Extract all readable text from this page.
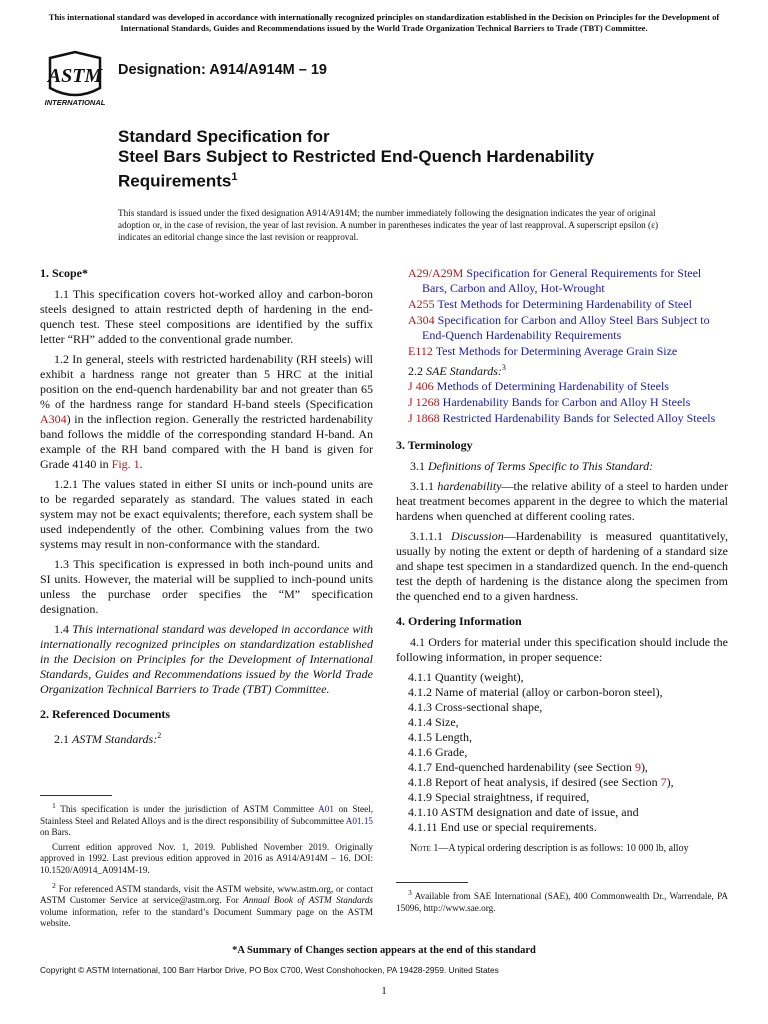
This international standard was developed in accordance with internationally recognized principles on standardization established in the Decision on Principles for the Development of International Standards, Guides and Recommendations issued by the World Trade Organization Technical Barriers to Trade (TBT) Committee.
ASTM
INTERNATIONAL
Designation: A914/A914M – 19
Standard Specification for
Steel Bars Subject to Restricted End-Quench Hardenability
Requirements$^1$
This standard is issued under the fixed designation A914/A914M; the number immediately following the designation indicates the year of original adoption or, in the case of revision, the year of last revision. A number in parentheses indicates the year of last reapproval. A superscript epsilon (ε) indicates an editorial change since the last revision or reapproval.
1. Scope*

1.1 This specification covers hot-worked alloy and carbon-boron steels designed to attain restricted depth of hardening in the end-quench test. These steel compositions are identified by the suffix letter “RH” added to the conventional grade number.

1.2 In general, steels with restricted hardenability (RH steels) will exhibit a hardness range not greater than 5 HRC at the initial position on the end-quench hardenability bar and not greater than 65 % of the hardness range for standard H-band steels (Specification A304) in the inflection region. Generally the restricted hardenability band follows the middle of the corresponding standard H-band. An example of the RH band compared with the H band is given for Grade 4140 in Fig. 1.

1.2.1 The values stated in either SI units or inch-pound units are to be regarded separately as standard. The values stated in each system may not be exact equivalents; therefore, each system shall be used independently of the other. Combining values from the two systems may result in non-conformance with the standard.

1.3 This specification is expressed in both inch-pound units and SI units. However, the material will be supplied to inch-pound units unless the purchase order specifies the “M” specification designation.

1.4 This international standard was developed in accordance with internationally recognized principles on standardization established in the Decision on Principles for the Development of International Standards, Guides and Recommendations issued by the World Trade Organization Technical Barriers to Trade (TBT) Committee.

2. Referenced Documents

2.1 ASTM Standards:$^2$

$^1$ This specification is under the jurisdiction of ASTM Committee A01 on Steel, Stainless Steel and Related Alloys and is the direct responsibility of Subcommittee A01.15 on Bars.

Current edition approved Nov. 1, 2019. Published November 2019. Originally approved in 1992. Last previous edition approved in 2016 as A914/A914M – 16. DOI: 10.1520/A0914_A0914M-19.

$^2$ For referenced ASTM standards, visit the ASTM website, www.astm.org, or contact ASTM Customer Service at service@astm.org. For Annual Book of ASTM Standards volume information, refer to the standard’s Document Summary page on the ASTM website.

A29/A29M Specification for General Requirements for Steel Bars, Carbon and Alloy, Hot-Wrought
A255 Test Methods for Determining Hardenability of Steel
A304 Specification for Carbon and Alloy Steel Bars Subject to End-Quench Hardenability Requirements
E112 Test Methods for Determining Average Grain Size

2.2 SAE Standards:$^3$

J 406 Methods of Determining Hardenability of Steels
J 1268 Hardenability Bands for Carbon and Alloy H Steels
J 1868 Restricted Hardenability Bands for Selected Alloy Steels
3. Terminology

3.1 Definitions of Terms Specific to This Standard:

3.1.1 hardenability—the relative ability of a steel to harden under heat treatment becomes apparent in the degree to which the material hardens when quenched at different cooling rates.

3.1.1.1 Discussion—Hardenability is measured quantitatively, usually by noting the extent or depth of hardening of a standard size and shape test specimen in a standardized quench. In the end-quench test the depth of hardening is the distance along the specimen from the quenched end to a given hardness.

4. Ordering Information

4.1 Orders for material under this specification should include the following information, in proper sequence:

4.1.1 Quantity (weight),

4.1.2 Name of material (alloy or carbon-boron steel),

4.1.3 Cross-sectional shape,

4.1.4 Size,

4.1.5 Length,

4.1.6 Grade,

4.1.7 End-quenched hardenability (see Section 9),

4.1.8 Report of heat analysis, if desired (see Section 7),

4.1.9 Special straightness, if required,

4.1.10 ASTM designation and date of issue, and

4.1.11 End use or special requirements.

Note 1—A typical ordering description is as follows: 10 000 lb, alloy

$^3$ Available from SAE International (SAE), 400 Commonwealth Dr., Warrendale, PA 15096, http://www.sae.org.

*A Summary of Changes section appears at the end of this standard
Copyright © ASTM International, 100 Barr Harbor Drive, PO Box C700, West Conshohocken, PA 19428-2959. United States
1
